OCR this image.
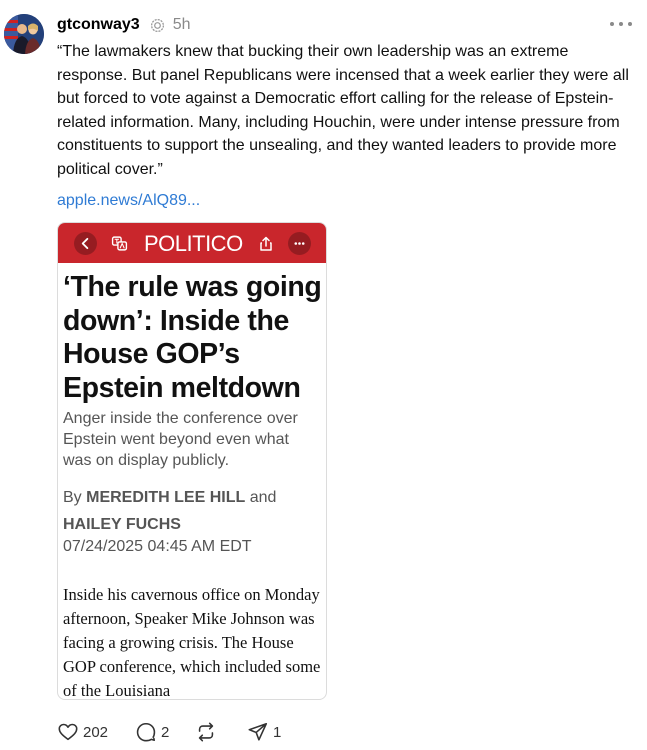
gtconway3 5h
“The lawmakers knew that bucking their own leadership was an extreme response. But panel Republicans were incensed that a week earlier they were all but forced to vote against a Democratic effort calling for the release of Epstein-related information. Many, including Houchin, were under intense pressure from constituents to support the unsealing, and they wanted leaders to provide more political cover.”
apple.news/AlQ89...
POLITICO
‘The rule was going down’: Inside the House GOP’s Epstein meltdown
Anger inside the conference over Epstein went beyond even what was on display publicly.
By MEREDITH LEE HILL and
HAILEY FUCHS
07/24/2025 04:45 AM EDT
Inside his cavernous office on Monday afternoon, Speaker Mike Johnson was facing a growing crisis. The House GOP conference, which included some of the Louisiana
202	2	1
